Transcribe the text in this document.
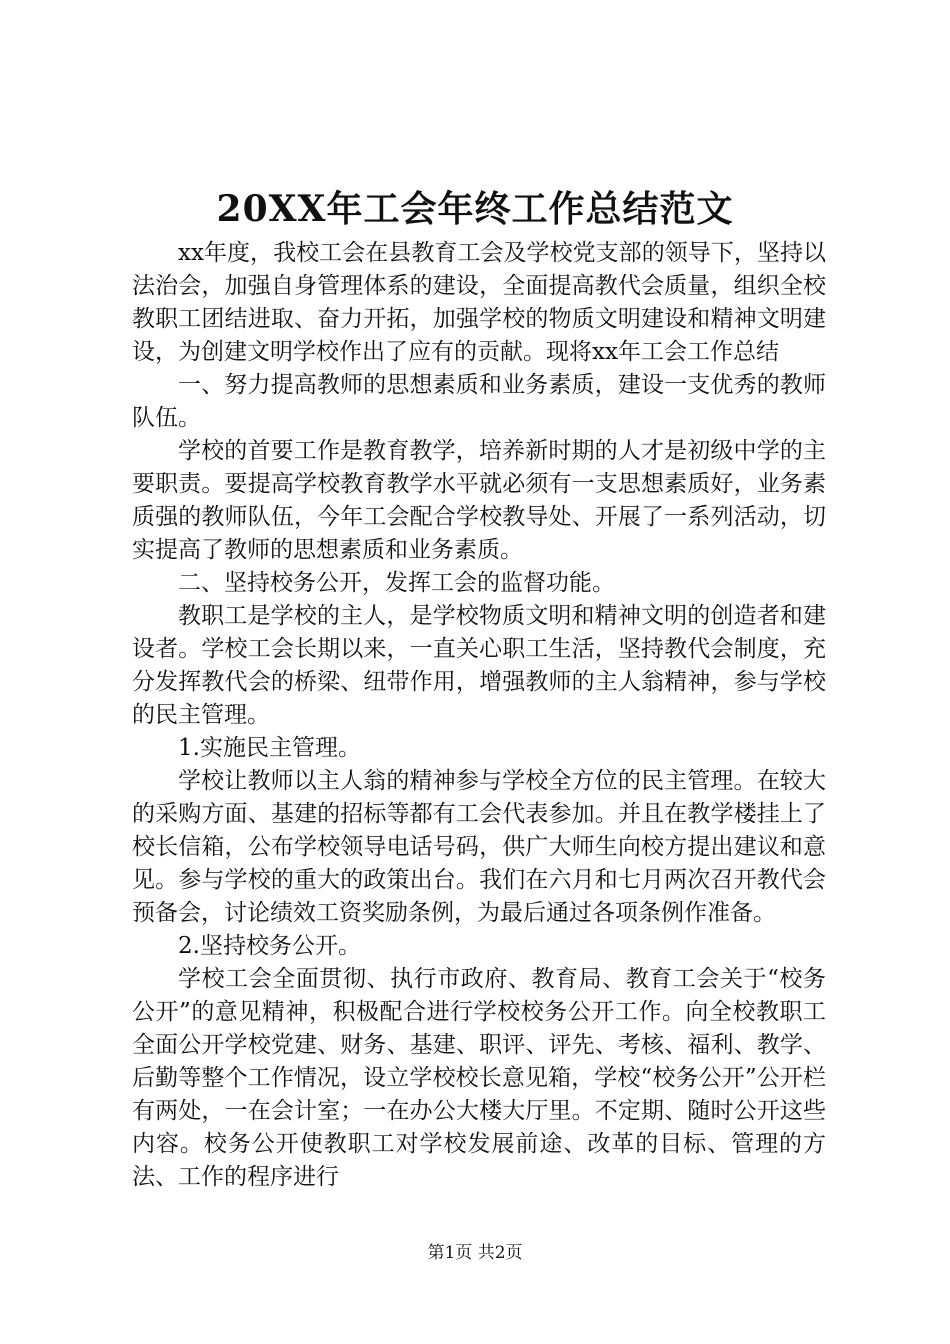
20XX年工会年终工作总结范文

xx年度，我校工会在县教育工会及学校党支部的领导下，坚持以法治会，加强自身管理体系的建设，全面提高教代会质量，组织全校教职工团结进取、奋力开拓，加强学校的物质文明建设和精神文明建设，为创建文明学校作出了应有的贡献。现将xx年工会工作总结

一、努力提高教师的思想素质和业务素质，建设一支优秀的教师队伍。

学校的首要工作是教育教学，培养新时期的人才是初级中学的主要职责。要提高学校教育教学水平就必须有一支思想素质好，业务素质强的教师队伍，今年工会配合学校教导处、开展了一系列活动，切实提高了教师的思想素质和业务素质。

二、坚持校务公开，发挥工会的监督功能。

教职工是学校的主人，是学校物质文明和精神文明的创造者和建设者。学校工会长期以来，一直关心职工生活，坚持教代会制度，充分发挥教代会的桥梁、纽带作用，增强教师的主人翁精神，参与学校的民主管理。

1.实施民主管理。

学校让教师以主人翁的精神参与学校全方位的民主管理。在较大的采购方面、基建的招标等都有工会代表参加。并且在教学楼挂上了校长信箱，公布学校领导电话号码，供广大师生向校方提出建议和意见。参与学校的重大的政策出台。我们在六月和七月两次召开教代会预备会，讨论绩效工资奖励条例，为最后通过各项条例作准备。

2.坚持校务公开。

学校工会全面贯彻、执行市政府、教育局、教育工会关于“校务公开”的意见精神，积极配合进行学校校务公开工作。向全校教职工全面公开学校党建、财务、基建、职评、评先、考核、福利、教学、后勤等整个工作情况，设立学校校长意见箱，学校“校务公开”公开栏有两处，一在会计室；一在办公大楼大厅里。不定期、随时公开这些内容。校务公开使教职工对学校发展前途、改革的目标、管理的方法、工作的程序进行

第1页 共2页
